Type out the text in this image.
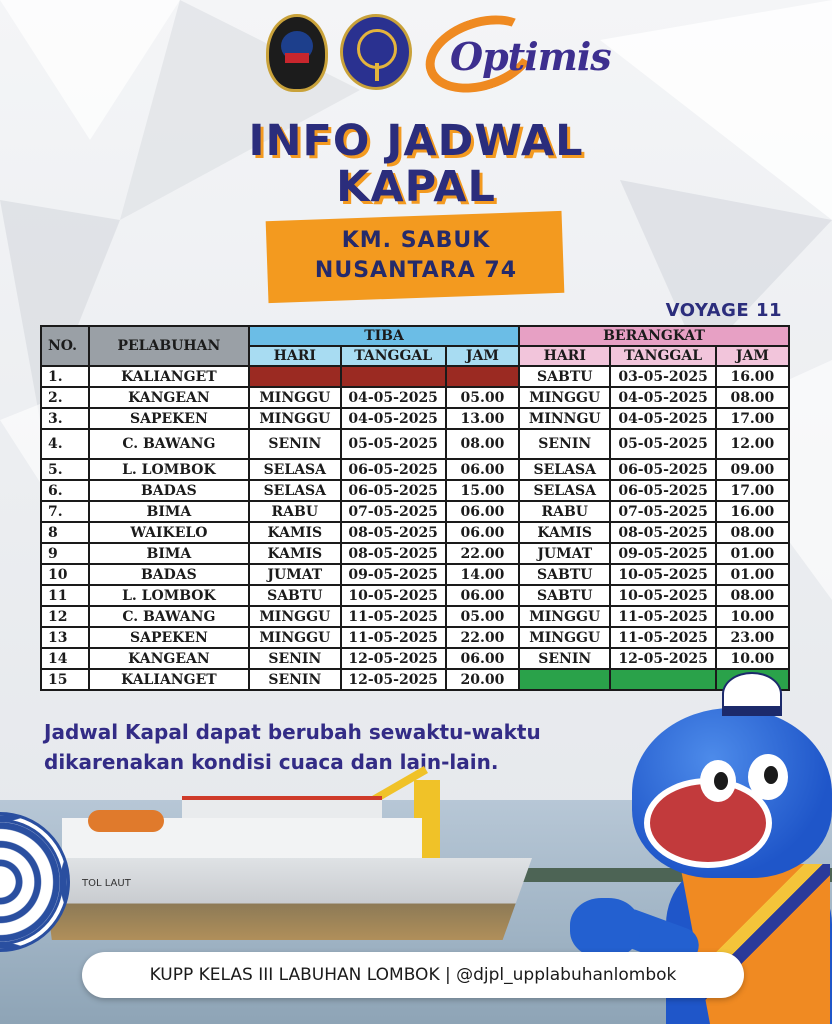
Optimis
INFO JADWAL
KAPAL
KM. SABUK
NUSANTARA 74
VOYAGE 11
NO.	PELABUHAN	TIBA			BERANGKAT		
		HARI	TANGGAL	JAM	HARI	TANGGAL	JAM
1.	KALIANGET				SABTU	03-05-2025	16.00
2.	KANGEAN	MINGGU	04-05-2025	05.00	MINGGU	04-05-2025	08.00
3.	SAPEKEN	MINGGU	04-05-2025	13.00	MINNGU	04-05-2025	17.00
4.	C. BAWANG	SENIN	05-05-2025	08.00	SENIN	05-05-2025	12.00
5.	L. LOMBOK	SELASA	06-05-2025	06.00	SELASA	06-05-2025	09.00
6.	BADAS	SELASA	06-05-2025	15.00	SELASA	06-05-2025	17.00
7.	BIMA	RABU	07-05-2025	06.00	RABU	07-05-2025	16.00
8	WAIKELO	KAMIS	08-05-2025	06.00	KAMIS	08-05-2025	08.00
9	BIMA	KAMIS	08-05-2025	22.00	JUMAT	09-05-2025	01.00
10	BADAS	JUMAT	09-05-2025	14.00	SABTU	10-05-2025	01.00
11	L. LOMBOK	SABTU	10-05-2025	06.00	SABTU	10-05-2025	08.00
12	C. BAWANG	MINGGU	11-05-2025	05.00	MINGGU	11-05-2025	10.00
13	SAPEKEN	MINGGU	11-05-2025	22.00	MINGGU	11-05-2025	23.00
14	KANGEAN	SENIN	12-05-2025	06.00	SENIN	12-05-2025	10.00
15	KALIANGET	SENIN	12-05-2025	20.00			
Jadwal Kapal dapat berubah sewaktu-waktu
dikarenakan kondisi cuaca dan lain-lain.
TOL LAUT
KUPP KELAS III LABUHAN LOMBOK | @djpl_upplabuhanlombok
